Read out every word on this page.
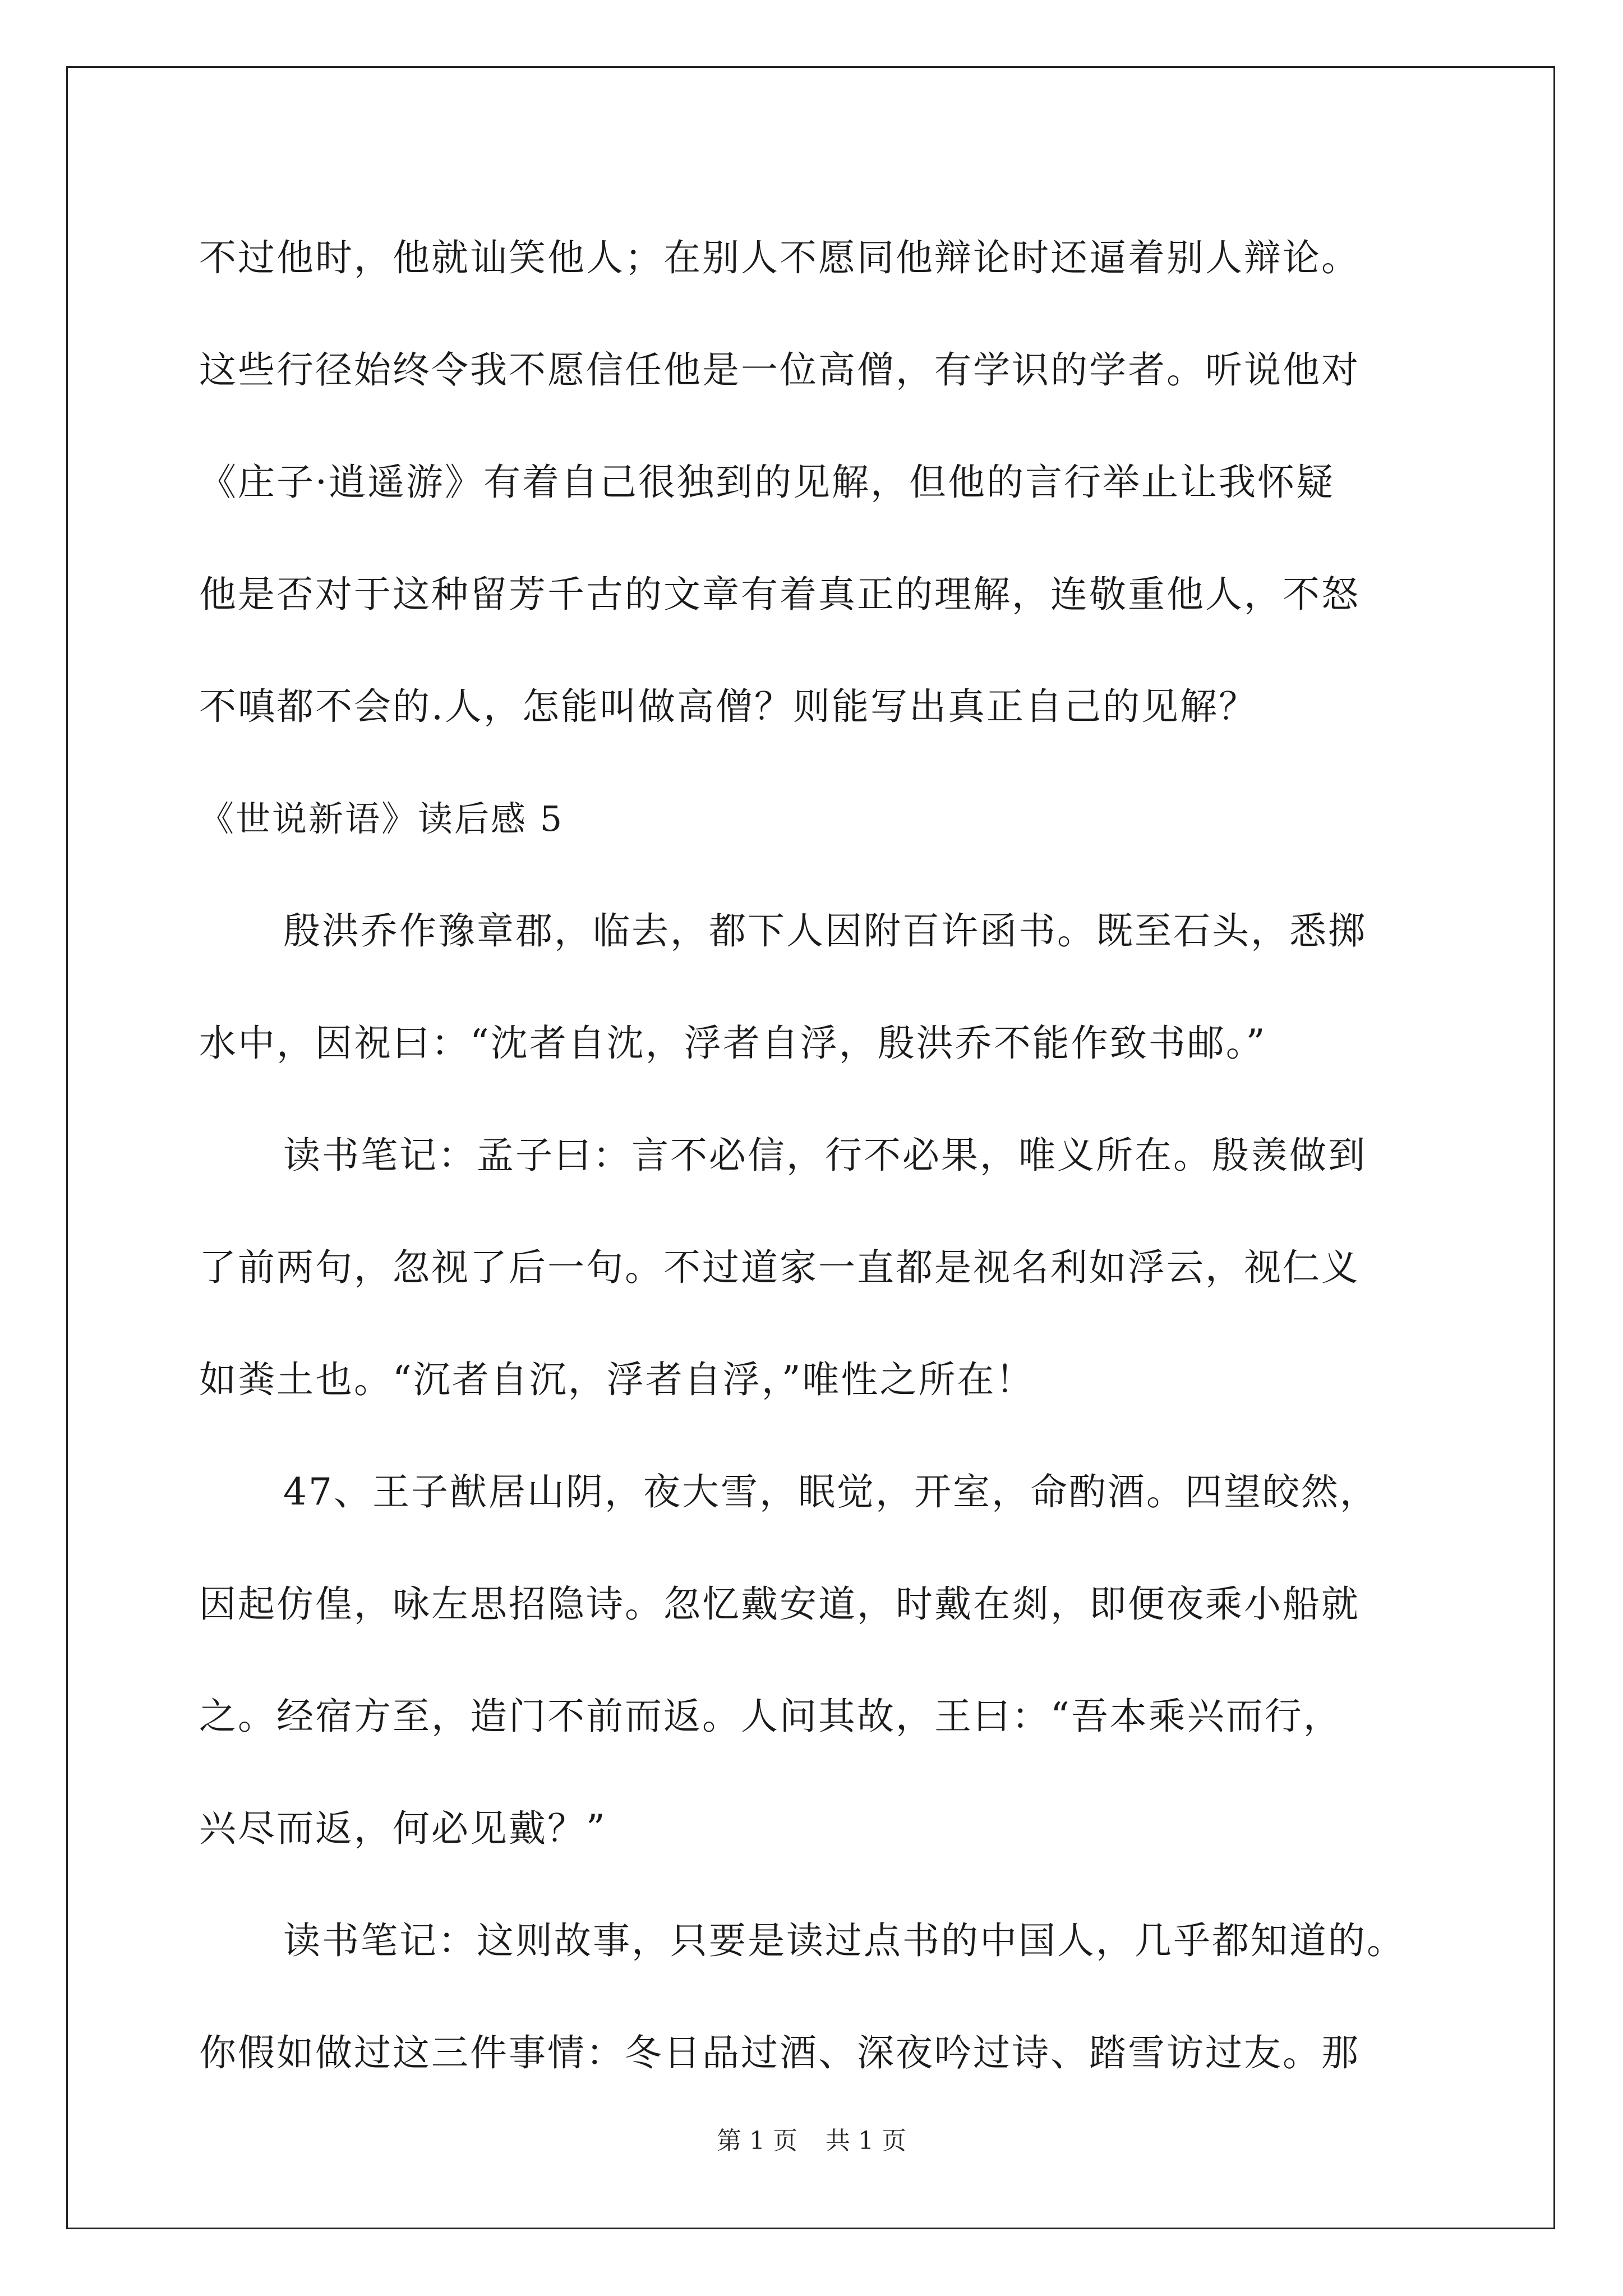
不过他时，他就讪笑他人；在别人不愿同他辩论时还逼着别人辩论。
这些行径始终令我不愿信任他是一位高僧，有学识的学者。听说他对
《庄子·逍遥游》有着自己很独到的见解，但他的言行举止让我怀疑
他是否对于这种留芳千古的文章有着真正的理解，连敬重他人，不怒
不嗔都不会的.人，怎能叫做高僧？则能写出真正自己的见解？
《世说新语》读后感 5
殷洪乔作豫章郡，临去，都下人因附百许函书。既至石头，悉掷
水中，因祝曰：“沈者自沈，浮者自浮，殷洪乔不能作致书邮。”
读书笔记：孟子曰：言不必信，行不必果，唯义所在。殷羡做到
了前两句，忽视了后一句。不过道家一直都是视名利如浮云，视仁义
如粪土也。“沉者自沉，浮者自浮，”唯性之所在！
47、王子猷居山阴，夜大雪，眠觉，开室，命酌酒。四望皎然，
因起仿偟，咏左思招隐诗。忽忆戴安道，时戴在剡，即便夜乘小船就
之。经宿方至，造门不前而返。人问其故，王曰：“吾本乘兴而行，
兴尽而返，何必见戴？”
读书笔记：这则故事，只要是读过点书的中国人，几乎都知道的。
你假如做过这三件事情：冬日品过酒、深夜吟过诗、踏雪访过友。那
第 1 页 共 1 页
